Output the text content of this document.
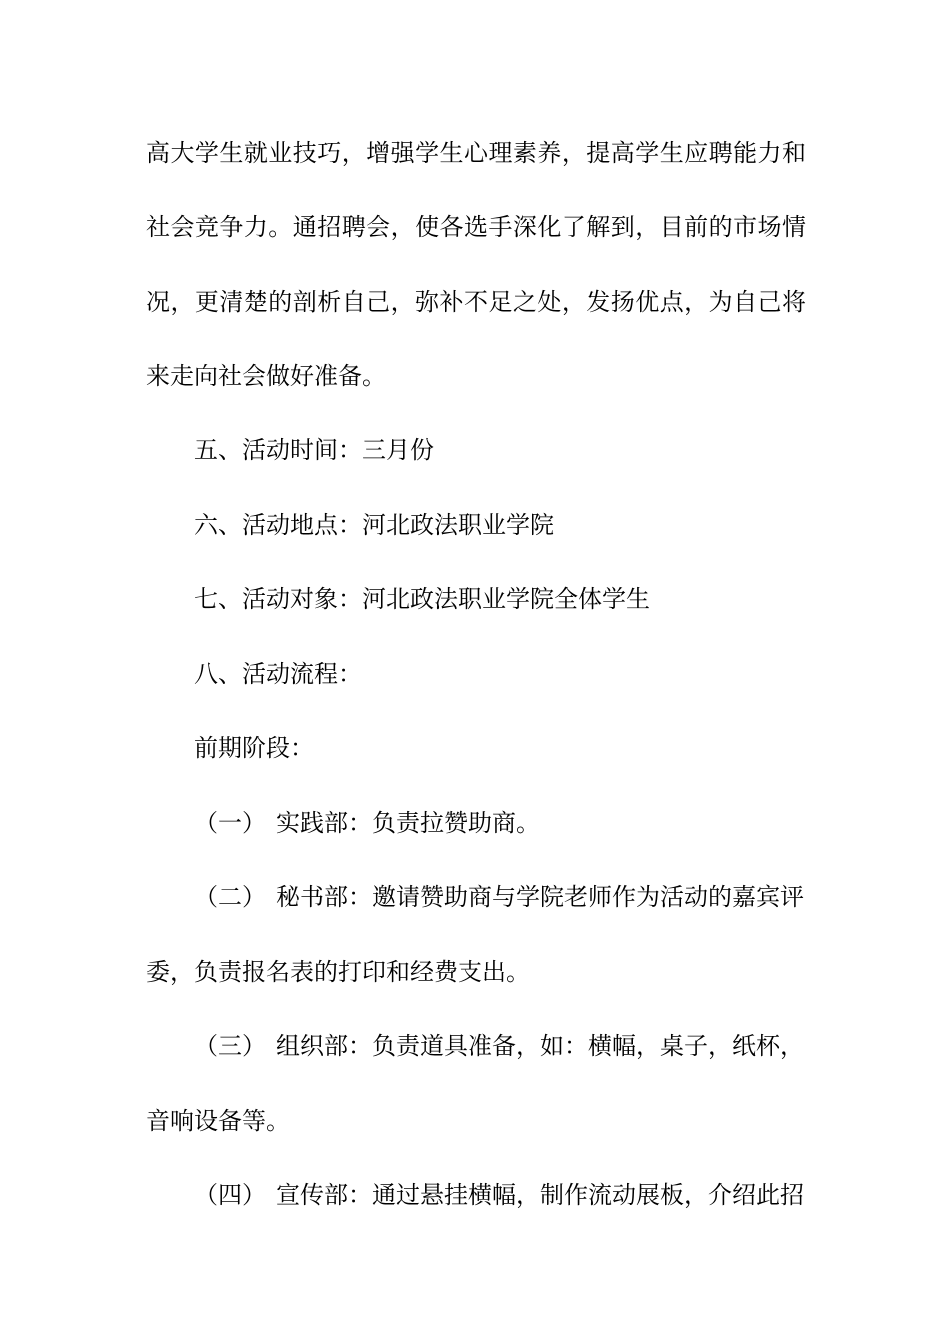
高大学生就业技巧，增强学生心理素养，提高学生应聘能力和
社会竞争力。通招聘会，使各选手深化了解到，目前的市场情
况，更清楚的剖析自己，弥补不足之处，发扬优点，为自己将
来走向社会做好准备。
五、活动时间：三月份
六、活动地点：河北政法职业学院
七、活动对象：河北政法职业学院全体学生
八、活动流程：
前期阶段：
（一） 实践部：负责拉赞助商。
（二） 秘书部：邀请赞助商与学院老师作为活动的嘉宾评
委，负责报名表的打印和经费支出。
（三） 组织部：负责道具准备，如：横幅，桌子，纸杯，
音响设备等。
（四） 宣传部：通过悬挂横幅，制作流动展板，介绍此招
